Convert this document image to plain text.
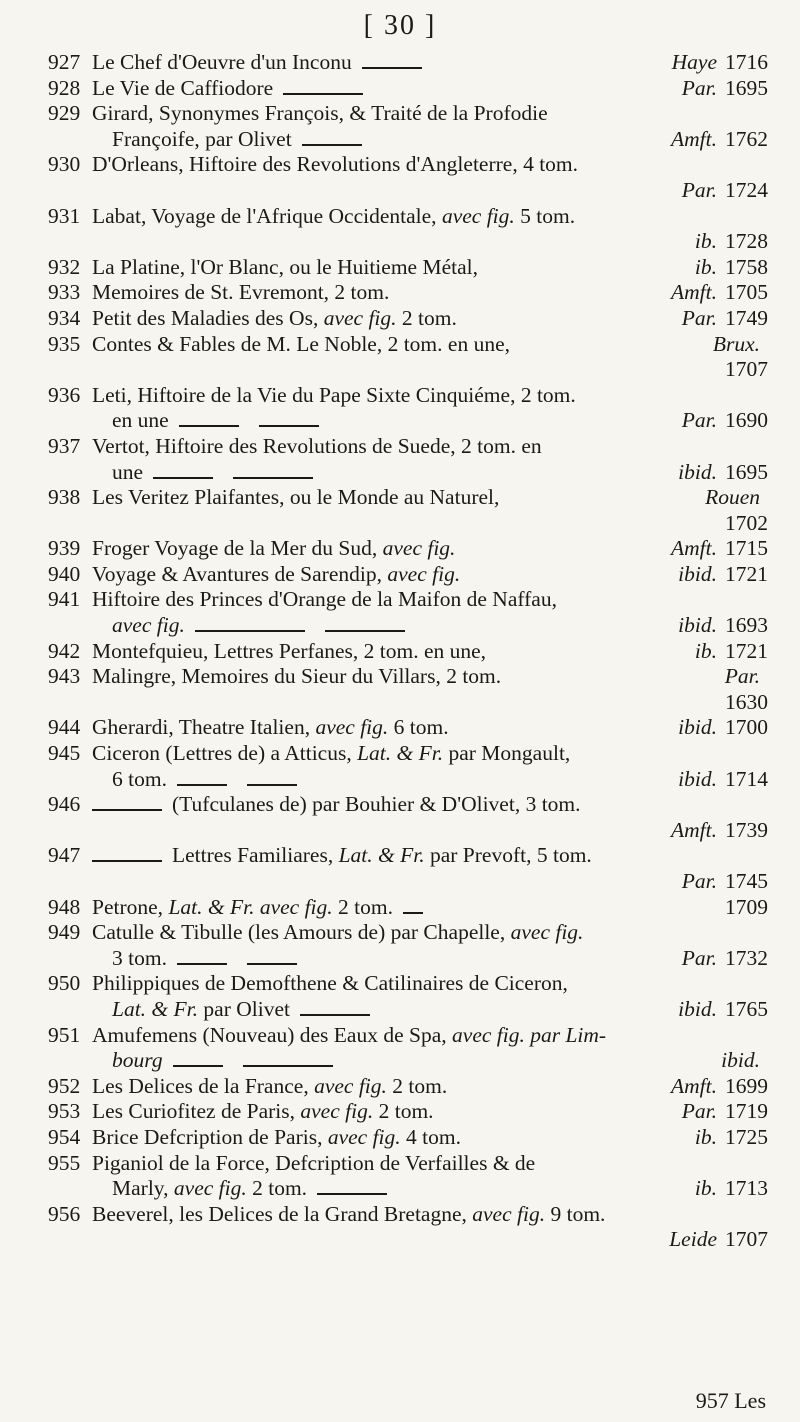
[ 30 ]
927 Le Chef d'Oeuvre d'un Inconu	Haye 1716
928 Le Vie de Caffiodore	Par. 1695
929 Girard, Synonymes François, & Traité de la Profodie
Françoife, par Olivet	Amft. 1762
930 D'Orleans, Hiftoire des Revolutions d'Angleterre, 4 tom.
Par. 1724
931 Labat, Voyage de l'Afrique Occidentale, avec fig. 5 tom.
ib. 1728
932 La Platine, l'Or Blanc, ou le Huitieme Métal,	ib. 1758
933 Memoires de St. Evremont, 2 tom.	Amft. 1705
934 Petit des Maladies des Os, avec fig. 2 tom.	Par. 1749
935 Contes & Fables de M. Le Noble, 2 tom. en une,	Brux.
1707
936 Leti, Hiftoire de la Vie du Pape Sixte Cinquiéme, 2 tom.
en une	Par. 1690
937 Vertot, Hiftoire des Revolutions de Suede, 2 tom. en
une	ibid. 1695
938 Les Veritez Plaifantes, ou le Monde au Naturel,	Rouen
1702
939 Froger Voyage de la Mer du Sud, avec fig.	Amft. 1715
940 Voyage & Avantures de Sarendip, avec fig.	ibid. 1721
941 Hiftoire des Princes d'Orange de la Maifon de Naffau,
avec fig.	ibid. 1693
942 Montefquieu, Lettres Perfanes, 2 tom. en une,	ib. 1721
943 Malingre, Memoires du Sieur du Villars, 2 tom.	Par.
1630
944 Gherardi, Theatre Italien, avec fig. 6 tom.	ibid. 1700
945 Ciceron (Lettres de) a Atticus, Lat. & Fr. par Mongault,
6 tom.	ibid. 1714
946	(Tufculanes de) par Bouhier & D'Olivet, 3 tom.
Amft. 1739
947	Lettres Familiares, Lat. & Fr. par Prevoft, 5 tom.
Par. 1745
948 Petrone, Lat. & Fr. avec fig. 2 tom.	1709
949 Catulle & Tibulle (les Amours de) par Chapelle, avec fig.
3 tom.	Par. 1732
950 Philippiques de Demofthene & Catilinaires de Ciceron,
Lat. & Fr. par Olivet	ibid. 1765
951 Amufemens (Nouveau) des Eaux de Spa, avec fig. par Lim-
bourg	ibid.
952 Les Delices de la France, avec fig. 2 tom.	Amft. 1699
953 Les Curiofitez de Paris, avec fig. 2 tom.	Par. 1719
954 Brice Defcription de Paris, avec fig. 4 tom.	ib. 1725
955 Piganiol de la Force, Defcription de Verfailles & de
Marly, avec fig. 2 tom.	ib. 1713
956 Beeverel, les Delices de la Grand Bretagne, avec fig. 9 tom.
Leide 1707
957 Les
